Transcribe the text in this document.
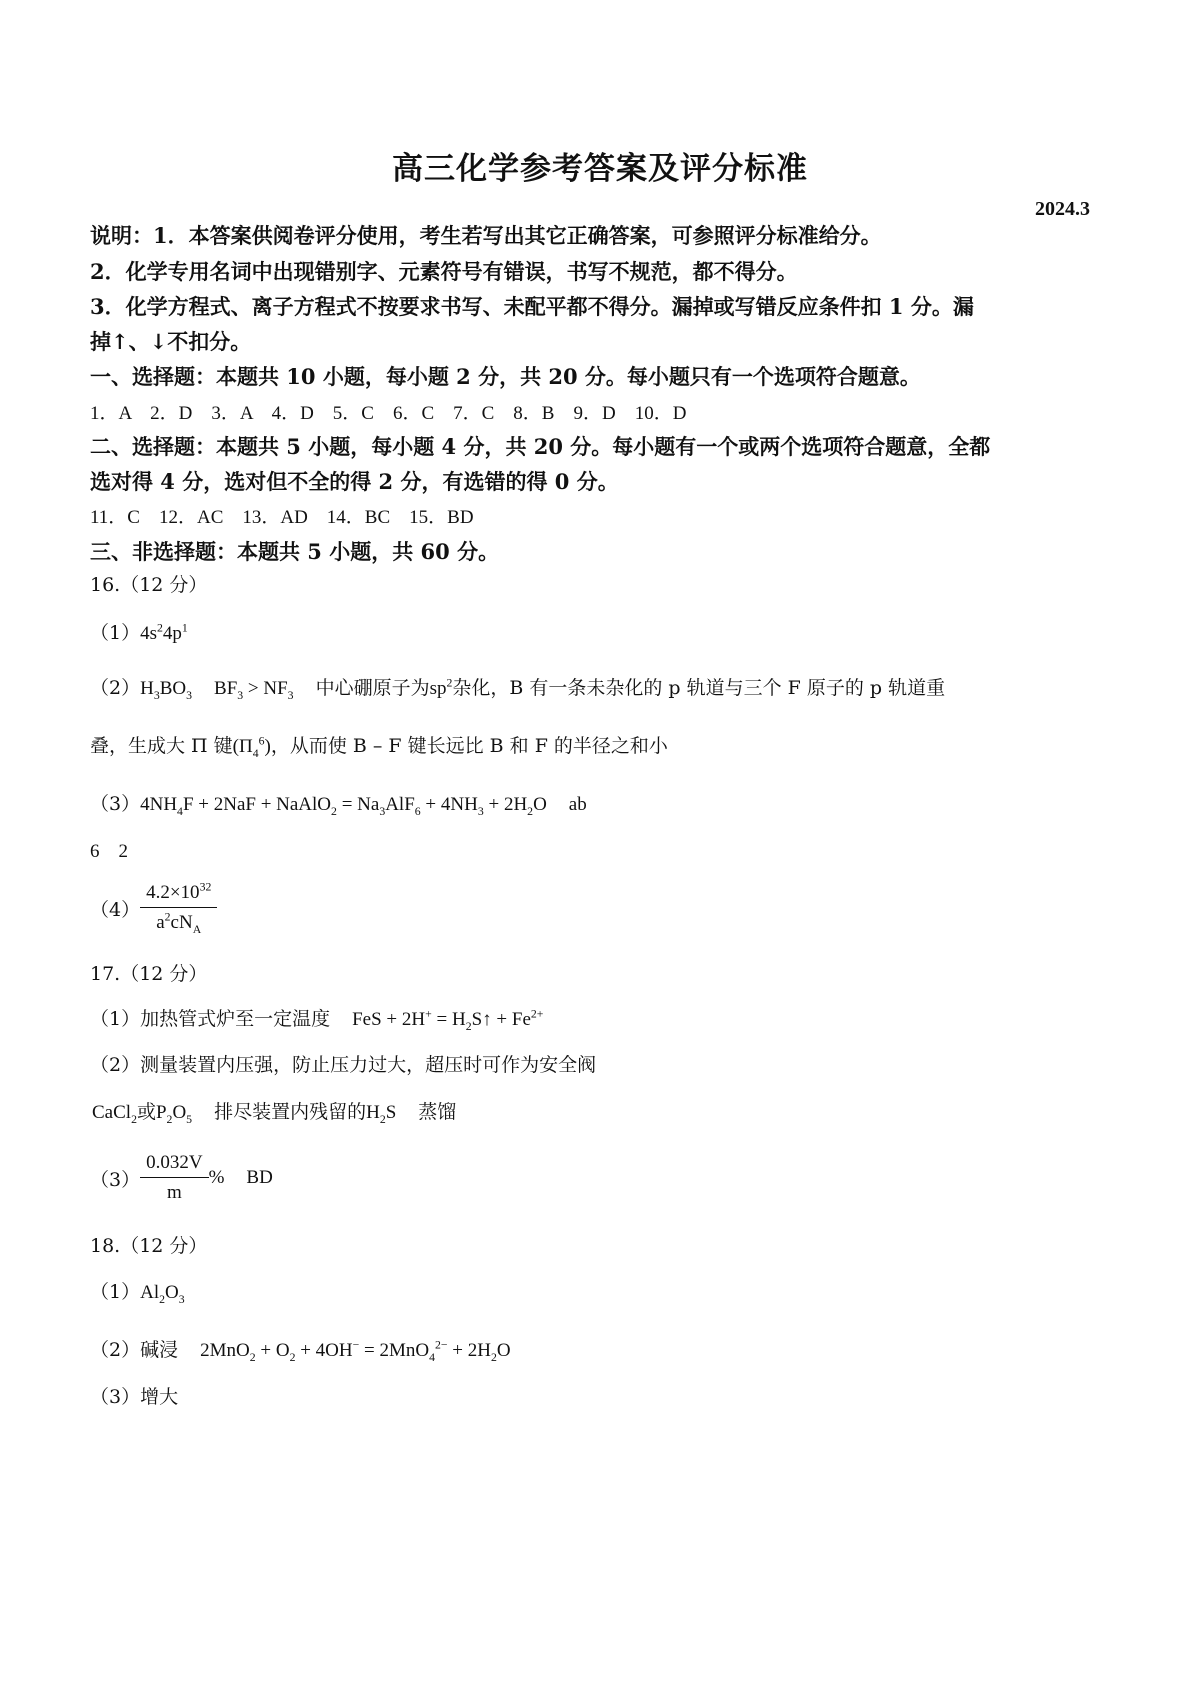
高三化学参考答案及评分标准
2024.3
说明：1．本答案供阅卷评分使用，考生若写出其它正确答案，可参照评分标准给分。
2．化学专用名词中出现错别字、元素符号有错误，书写不规范，都不得分。
3．化学方程式、离子方程式不按要求书写、未配平都不得分。漏掉或写错反应条件扣 1 分。漏
掉↑、↓不扣分。
一、选择题：本题共 10 小题，每小题 2 分，共 20 分。每小题只有一个选项符合题意。
1．A　2．D　3．A　4．D　5．C　6．C　7．C　8．B　9．D　10．D
二、选择题：本题共 5 小题，每小题 4 分，共 20 分。每小题有一个或两个选项符合题意，全都
选对得 4 分，选对但不全的得 2 分，有选错的得 0 分。
11．C　12．AC　13．AD　14．BC　15．BD
三、非选择题：本题共 5 小题，共 60 分。
16.（12 分）
$(1)4s^24p^1$
$(2)H_3BO_3$ $BF_3 > NF_3$ 中心硼原子为$sp^2$杂化，B 有一条未杂化的 p 轨道与三个 F 原子的 p 轨道重
叠，生成大 Π 键$(\Pi_4^6)$，从而使 B – F 键长远比 B 和 F 的半径之和小
$(3)4NH_4F + 2NaF$ + NaAlO$_2$ = $Na_3AlF_6 + 4NH_3 + 2H_2O$ ab
6　2
$(4) \frac{4.2\times 10^{32}}{a^2cN_A}$
17.（12 分）
（1）加热管式炉至一定温度 FeS + $2H^+ = H_2S↑ + Fe^{2+}$
（2）测量装置内压强，防止压力过大，超压时可作为安全阀
CaCl$_2$或$P_2O_5$ 排尽装置内残留的$H_2S$ 蒸馏
$(3) \frac{0.032V}{m}$ % BD
18.（12 分）
$(1)Al_2O_3$
（2）碱浸 $2MnO_2 + O_2 + 4OH^- = 2MnO_4^{2-} + 2H_2O$
（3）增大
